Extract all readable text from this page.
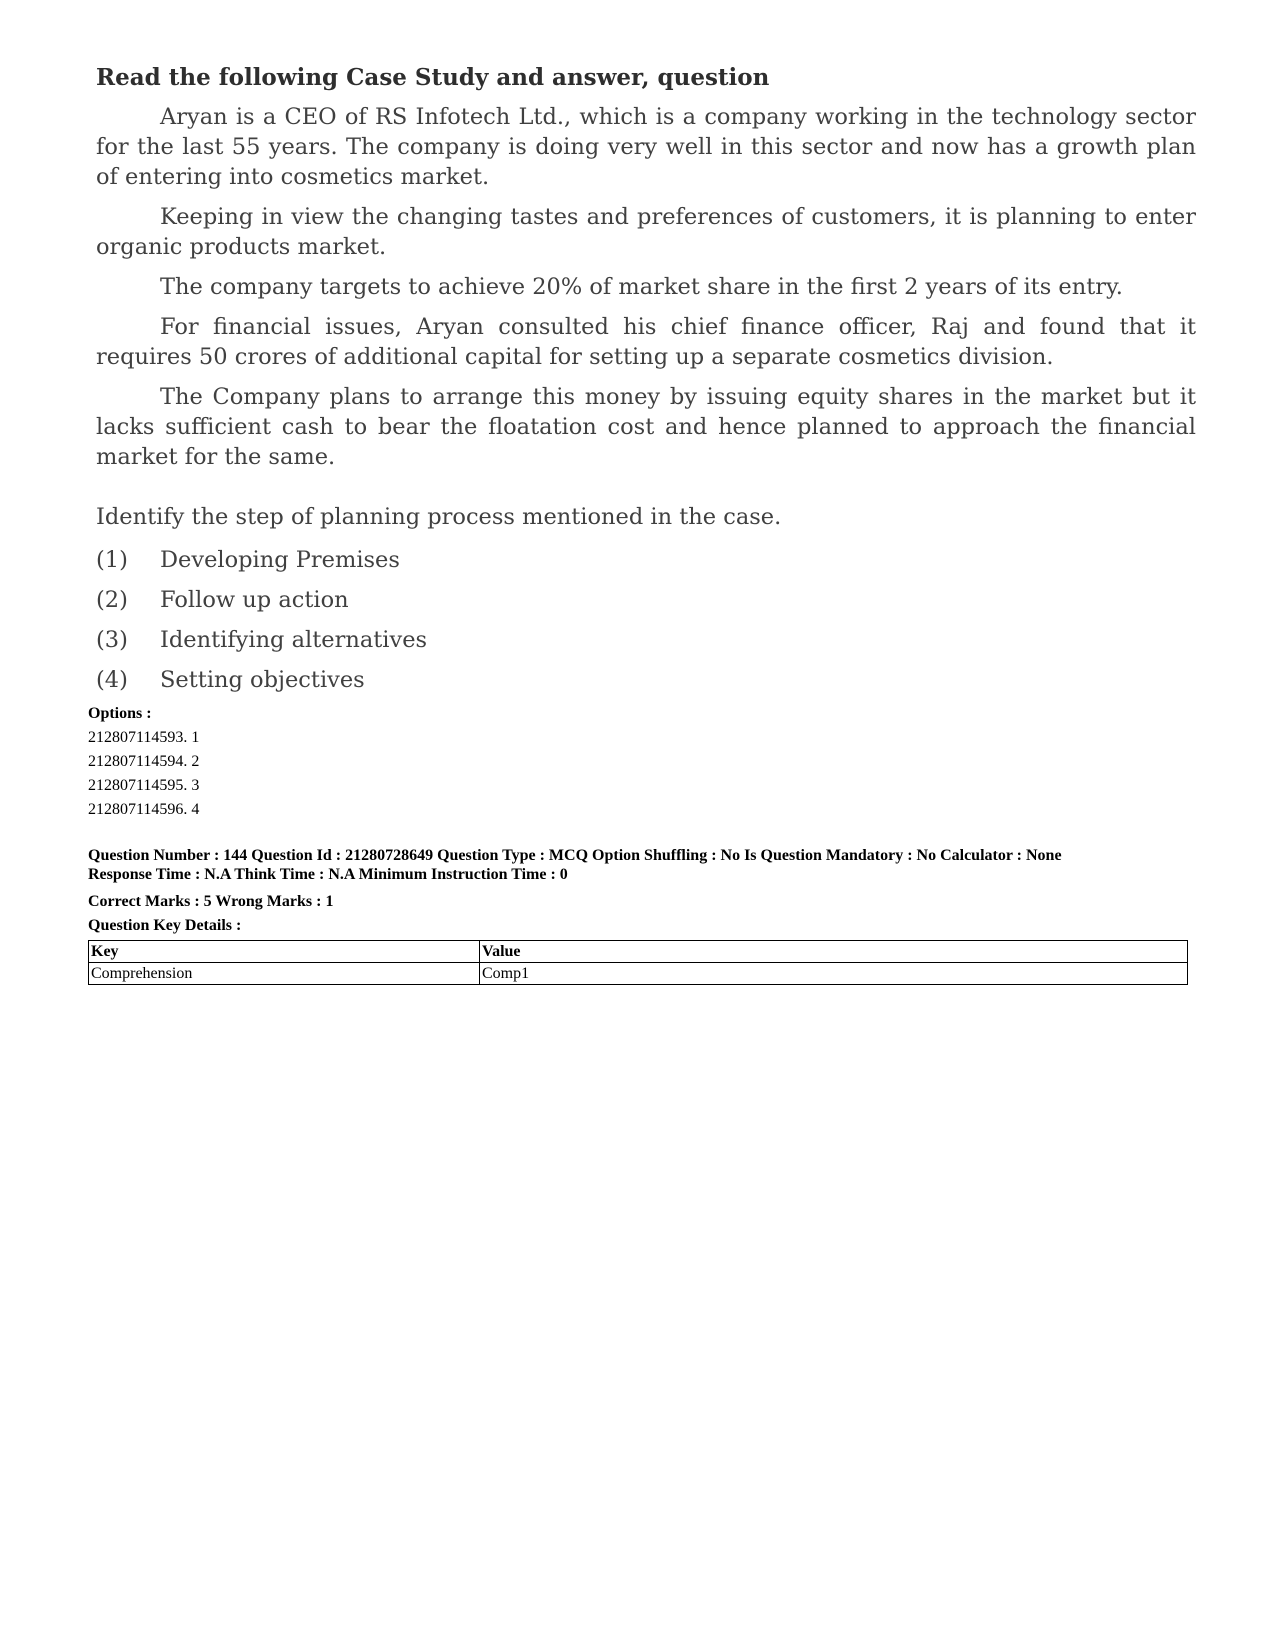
Read the following Case Study and answer, question

Aryan is a CEO of RS Infotech Ltd., which is a company working in the technology sector for the last 55 years. The company is doing very well in this sector and now has a growth plan of entering into cosmetics market.

Keeping in view the changing tastes and preferences of customers, it is planning to enter organic products market.

The company targets to achieve 20% of market share in the first 2 years of its entry.

For financial issues, Aryan consulted his chief finance officer, Raj and found that it requires 50 crores of additional capital for setting up a separate cosmetics division.

The Company plans to arrange this money by issuing equity shares in the market but it lacks sufficient cash to bear the floatation cost and hence planned to approach the financial market for the same.

Identify the step of planning process mentioned in the case.
(1)	Developing Premises
(2)	Follow up action
(3)	Identifying alternatives
(4)	Setting objectives
Options :
212807114593. 1
212807114594. 2
212807114595. 3
212807114596. 4
Question Number : 144 Question Id : 21280728649 Question Type : MCQ Option Shuffling : No Is Question Mandatory : No Calculator : None
Response Time : N.A Think Time : N.A Minimum Instruction Time : 0
Correct Marks : 5 Wrong Marks : 1
Question Key Details :
Key	Value
Comprehension	Comp1
